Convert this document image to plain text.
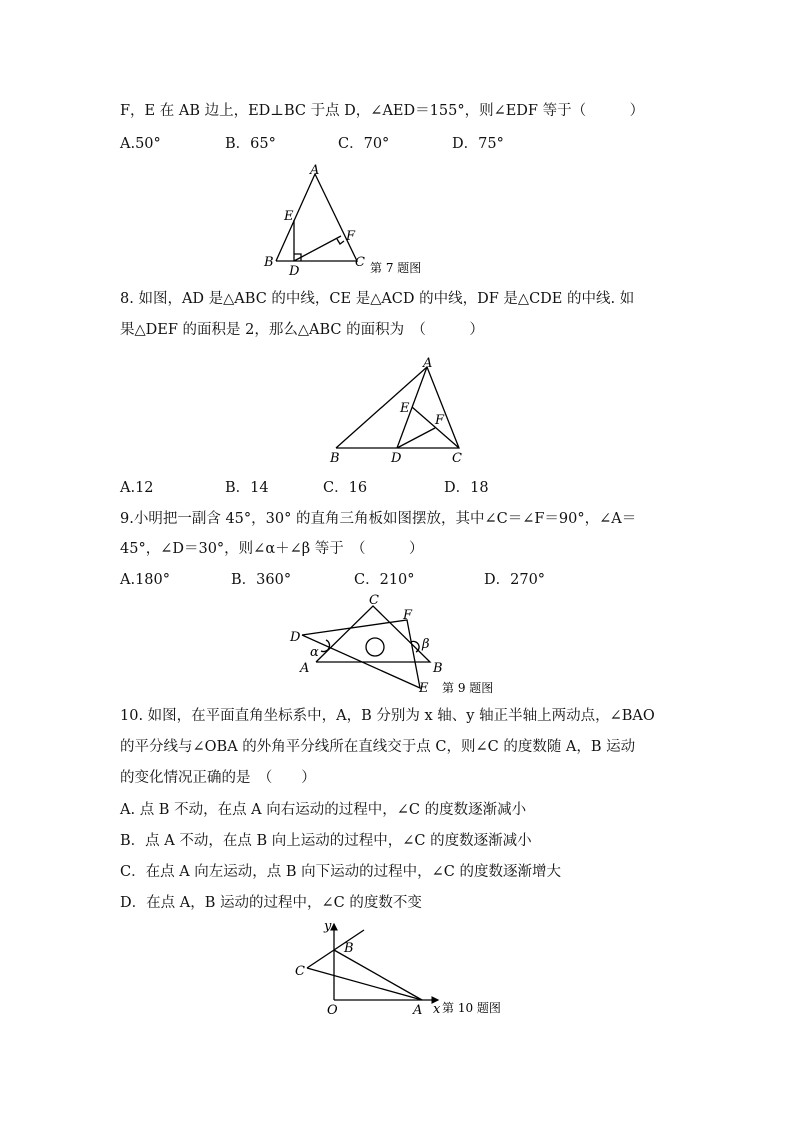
F，E 在 AB 边上，ED⊥BC 于点 D，∠AED＝155°，则∠EDF 等于（　　　）
A.50°	B．65°	C．70°	D．75°
A
B	C
D
E
F
第 7 题图
8. 如图，AD 是△ABC 的中线，CE 是△ACD 的中线，DF 是△CDE 的中线. 如
果△DEF 的面积是 2，那么△ABC 的面积为　（　　　）
A
B	C
D
E
F
A.12	B．14	C．16	D．18
9.小明把一副含 45°，30° 的直角三角板如图摆放，其中∠C＝∠F＝90°，∠A＝
45°，∠D＝30°，则∠α＋∠β 等于　（　　　）
A.180°	B．360°	C．210°	D．270°
C
F
D
A	B
E
α
β
第 9 题图
10. 如图，在平面直角坐标系中，A，B 分别为 x 轴、y 轴正半轴上两动点，∠BAO
的平分线与∠OBA 的外角平分线所在直线交于点 C，则∠C 的度数随 A，B 运动
的变化情况正确的是　（　　）
A. 点 B 不动，在点 A 向右运动的过程中，∠C 的度数逐渐减小
B．点 A 不动，在点 B 向上运动的过程中，∠C 的度数逐渐减小
C．在点 A 向左运动，点 B 向下运动的过程中，∠C 的度数逐渐增大
D．在点 A，B 运动的过程中，∠C 的度数不变
y
B
C
O	A x 第 10 题图
